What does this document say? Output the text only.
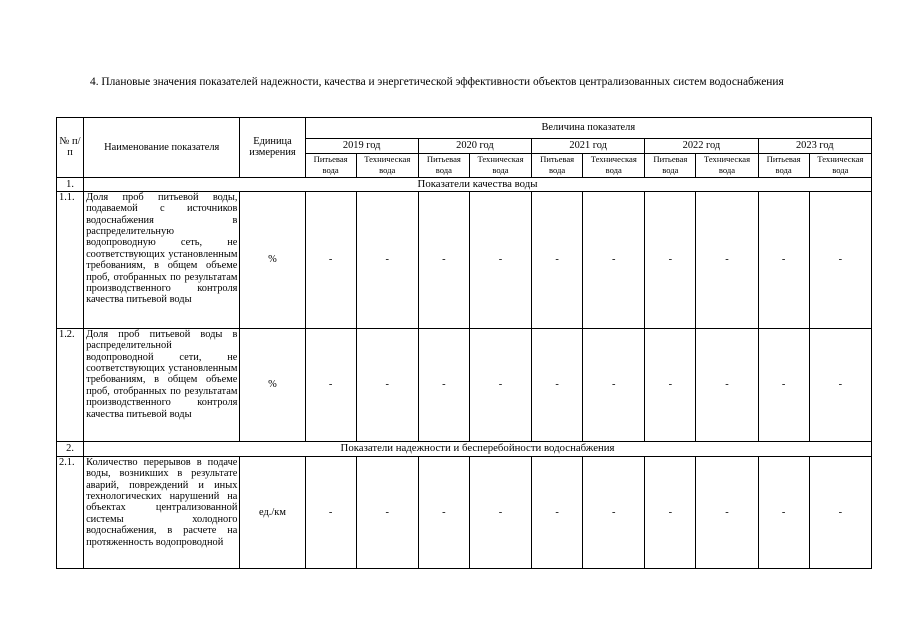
4. Плановые значения показателей надежности, качества и энергетической эффективности объектов централизованных систем водоснабжения
№ п/п	Наименование показателя	Единица измерения	Величина показателя									
			2019 год		2020 год		2021 год		2022 год		2023 год	
			Питьевая вода	Техническая вода	Питьевая вода	Техническая вода	Питьевая вода	Техническая вода	Питьевая вода	Техническая вода	Питьевая вода	Техническая вода
1.	Показатели качества воды											
1.1.	Доля проб питьевой воды, подаваемой с источников водоснабжения в распределительную водопроводную сеть, не соответствующих установленным требованиям, в общем объеме проб, отобранных по результатам производственного контроля качества питьевой воды	%	-	-	-	-	-	-	-	-	-	-
1.2.	Доля проб питьевой воды в распределительной водопроводной сети, не соответствующих установленным требованиям, в общем объеме проб, отобранных по результатам производственного контроля качества питьевой воды	%	-	-	-	-	-	-	-	-	-	-
2.	Показатели надежности и бесперебойности водоснабжения											
2.1.	Количество перерывов в подаче воды, возникших в результате аварий, повреждений и иных технологических нарушений на объектах централизованной системы холодного водоснабжения, в расчете на протяженность водопроводной	ед./км	-	-	-	-	-	-	-	-	-	-
